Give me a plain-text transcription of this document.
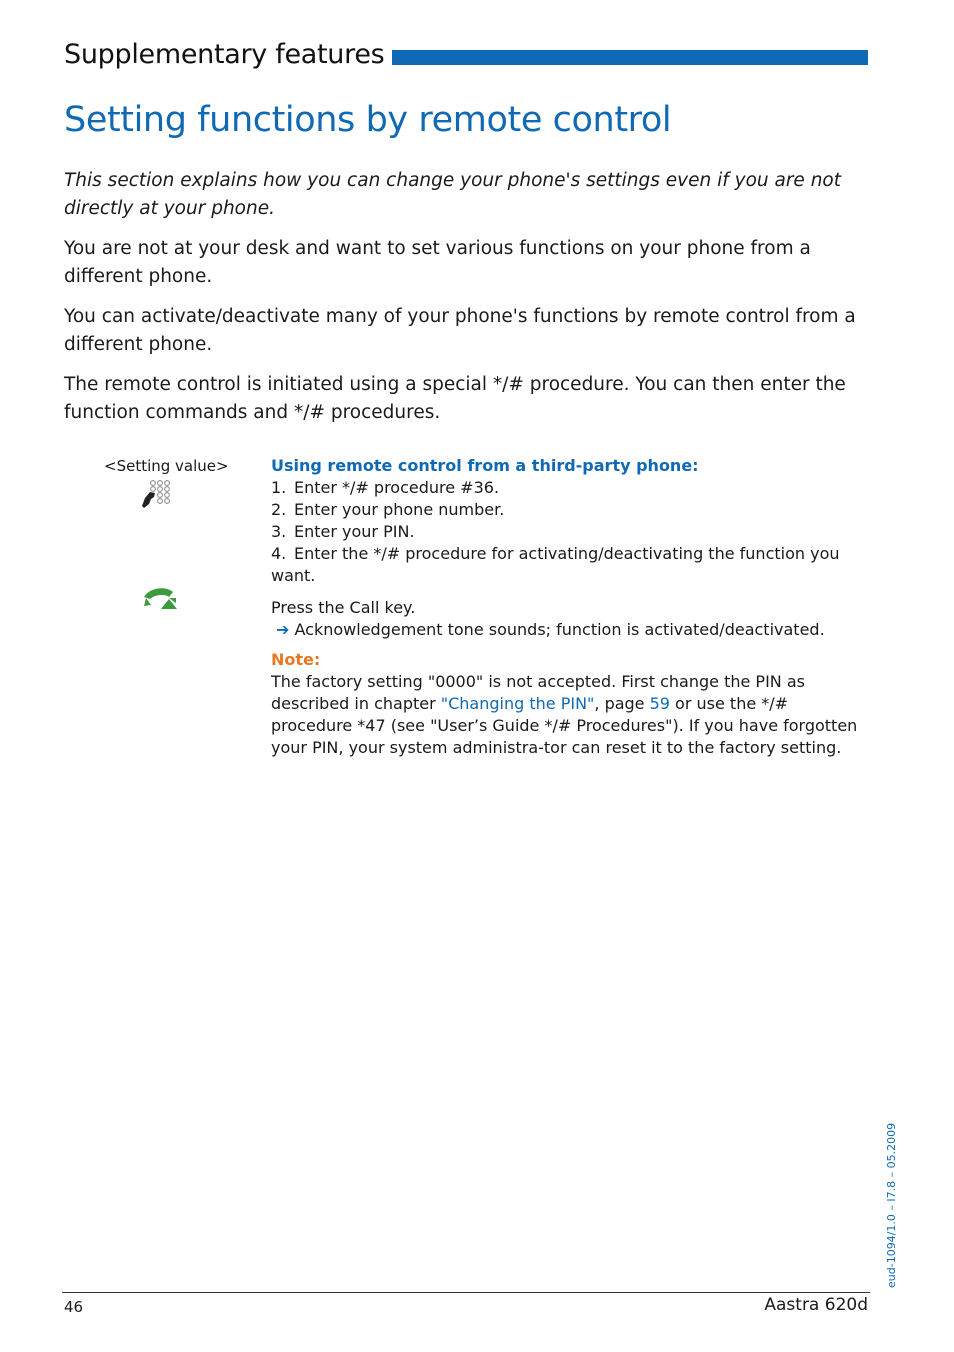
Supplementary features
Setting functions by remote control

This section explains how you can change your phone's settings even if you are not directly at your phone.

You are not at your desk and want to set various functions on your phone from a different phone.

You can activate/deactivate many of your phone's functions by remote control from a different phone.

The remote control is initiated using a special */# procedure. You can then enter the function commands and */# procedures.

<Setting value>	Using remote control from a third-party phone:
1. Enter */# procedure #36.
2. Enter your phone number.
3. Enter your PIN.
4. Enter the */# procedure for activating/deactivating the function you want.
Press the Call key.
➔ Acknowledgement tone sounds; function is activated/deactivated.
Note:
The factory setting "0000" is not accepted. First change the PIN as described in chapter "Changing the PIN", page 59 or use the */# procedure *47 (see "User’s Guide */# Procedures"). If you have forgotten your PIN, your system administra-tor can reset it to the factory setting.
eud-1094/1.0 – I7.8 – 05.2009
46	Aastra 620d
